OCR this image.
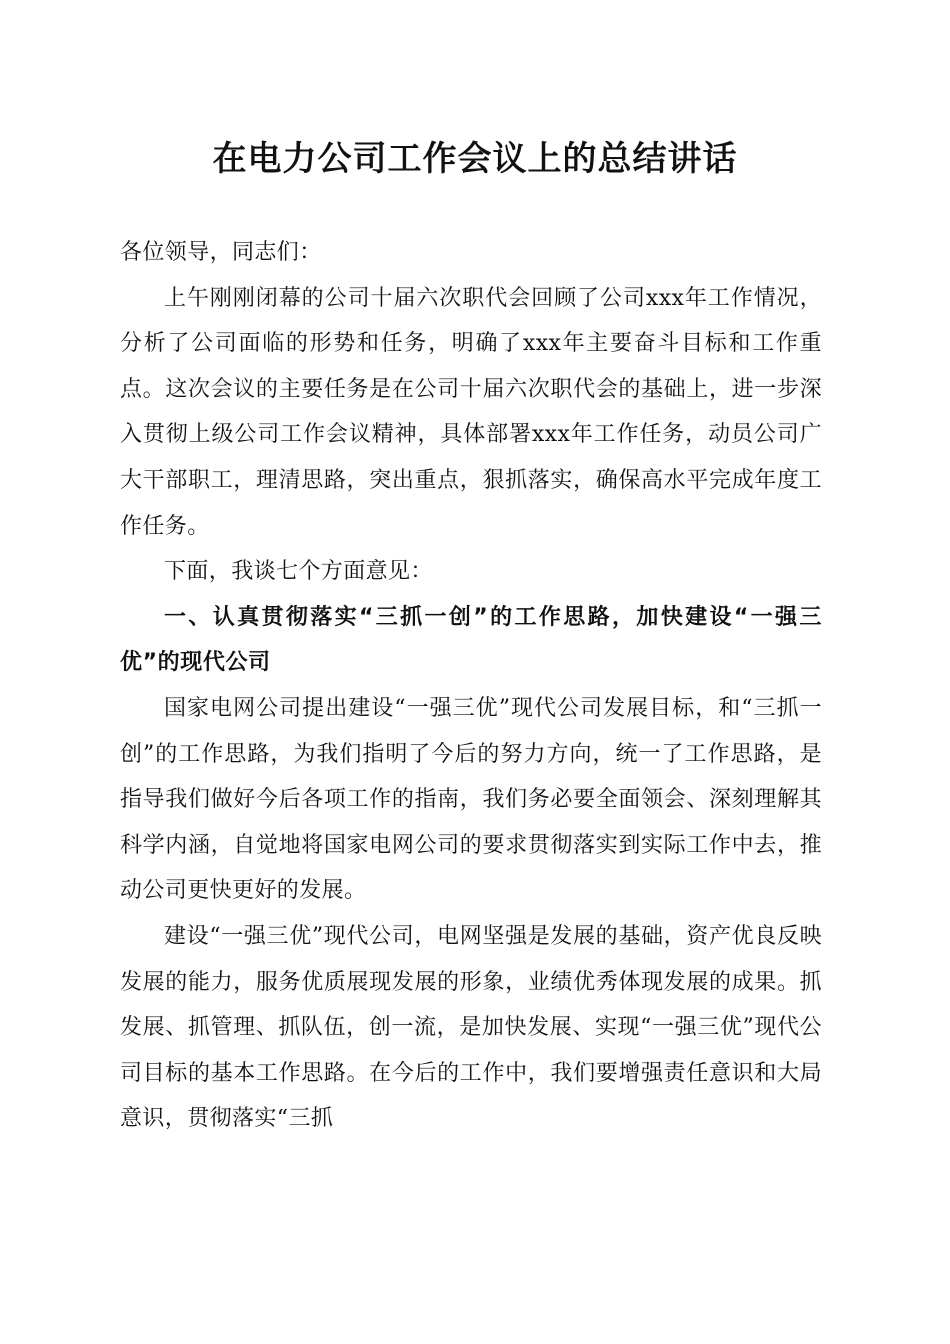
在电力公司工作会议上的总结讲话

各位领导，同志们：

上午刚刚闭幕的公司十届六次职代会回顾了公司xxx年工作情况，分析了公司面临的形势和任务，明确了xxx年主要奋斗目标和工作重点。这次会议的主要任务是在公司十届六次职代会的基础上，进一步深入贯彻上级公司工作会议精神，具体部署xxx年工作任务，动员公司广大干部职工，理清思路，突出重点，狠抓落实，确保高水平完成年度工作任务。

下面，我谈七个方面意见：

一、认真贯彻落实“三抓一创”的工作思路，加快建设“一强三优”的现代公司

国家电网公司提出建设“一强三优”现代公司发展目标，和“三抓一创”的工作思路，为我们指明了今后的努力方向，统一了工作思路，是指导我们做好今后各项工作的指南，我们务必要全面领会、深刻理解其科学内涵，自觉地将国家电网公司的要求贯彻落实到实际工作中去，推动公司更快更好的发展。

建设“一强三优”现代公司，电网坚强是发展的基础，资产优良反映发展的能力，服务优质展现发展的形象，业绩优秀体现发展的成果。抓发展、抓管理、抓队伍，创一流，是加快发展、实现“一强三优”现代公司目标的基本工作思路。在今后的工作中，我们要增强责任意识和大局意识，贯彻落实“三抓
